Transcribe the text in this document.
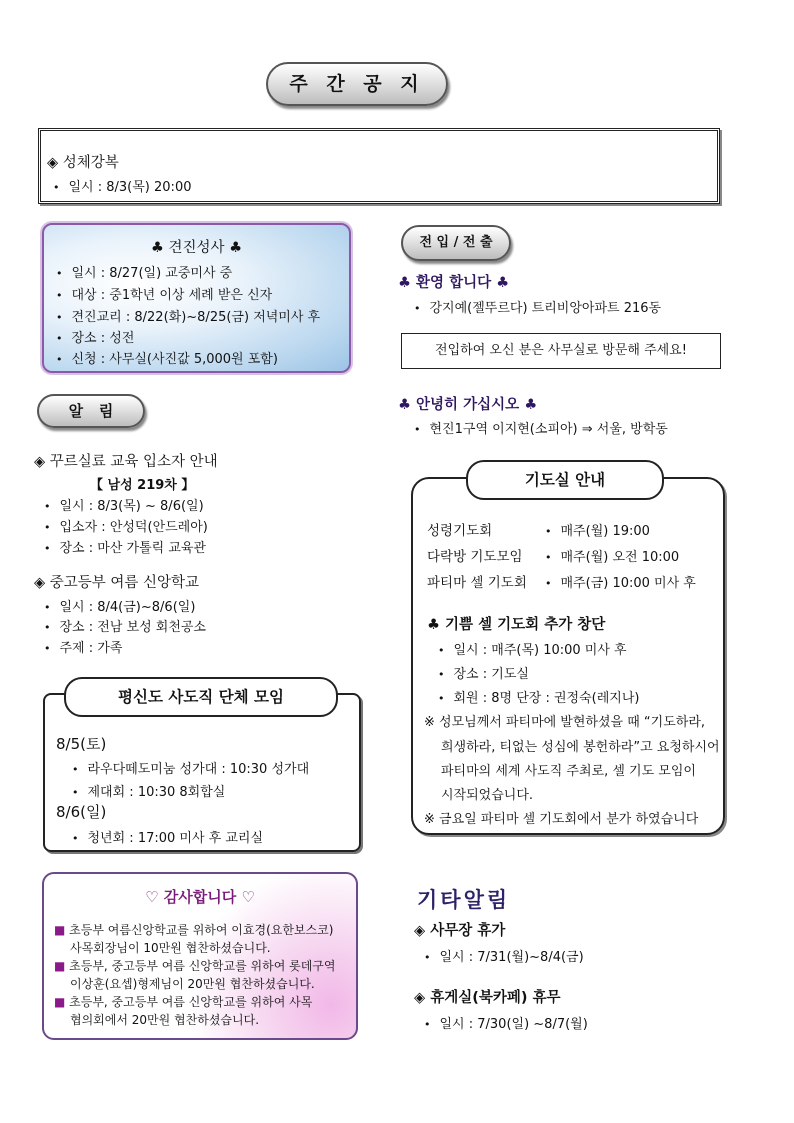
주 간 공 지
◈ 성체강복
• 일시 : 8/3(목) 20:00
♣ 견진성사 ♣
• 일시 : 8/27(일) 교중미사 중
• 대상 : 중1학년 이상 세례 받은 신자
• 견진교리 : 8/22(화)~8/25(금) 저녁미사 후
• 장소 : 성전
• 신청 : 사무실(사진값 5,000원 포함)
알   림
◈ 꾸르실료 교육 입소자 안내
【 남성 219차 】
• 일시 : 8/3(목) ~ 8/6(일)
• 입소자 : 안성덕(안드레아)
• 장소 : 마산 가톨릭 교육관
◈ 중고등부 여름 신앙학교
• 일시 : 8/4(금)~8/6(일)
• 장소 : 전남 보성 회천공소
• 주제 : 가족
평신도 사도직 단체 모임
8/5(토)
• 라우다떼도미눔 성가대 : 10:30 성가대
• 제대회 : 10:30 8회합실
8/6(일)
• 청년회 : 17:00 미사 후 교리실
♡ 감사합니다 ♡
■ 초등부 여름신앙학교를 위하여 이효경(요한보스코)
사목회장님이 10만원 협찬하셨습니다.
■ 초등부, 중고등부 여름 신앙학교를 위하여 롯데구역
이상훈(요셉)형제님이 20만원 협찬하셨습니다.
■ 초등부, 중고등부 여름 신앙학교를 위하여 사목
협의회에서 20만원 협찬하셨습니다.
전 입 / 전 출
♣ 환영 합니다 ♣
• 강지예(젤뚜르다) 트리비앙아파트 216동
전입하여 오신 분은 사무실로 방문해 주세요!
♣ 안녕히 가십시오 ♣
• 현진1구역 이지현(소피아) ⇒ 서울, 방학동
기도실 안내
성령기도회	• 매주(월) 19:00
다락방 기도모임	• 매주(월) 오전 10:00
파티마 셀 기도회	• 매주(금) 10:00 미사 후
♣ 기쁨 셀 기도회 추가 창단
• 일시 : 매주(목) 10:00 미사 후
• 장소 : 기도실
• 회원 : 8명 단장 : 권정숙(레지나)
※ 성모님께서 파티마에 발현하셨을 때 “기도하라,
희생하라, 티없는 성심에 봉헌하라”고 요청하시어
파티마의 세계 사도직 주최로, 셀 기도 모임이
시작되었습니다.
※ 금요일 파티마 셀 기도회에서 분가 하였습니다
기타알림
◈ 사무장 휴가
• 일시 : 7/31(월)~8/4(금)
◈ 휴게실(북카페) 휴무
• 일시 : 7/30(일) ~8/7(월)
